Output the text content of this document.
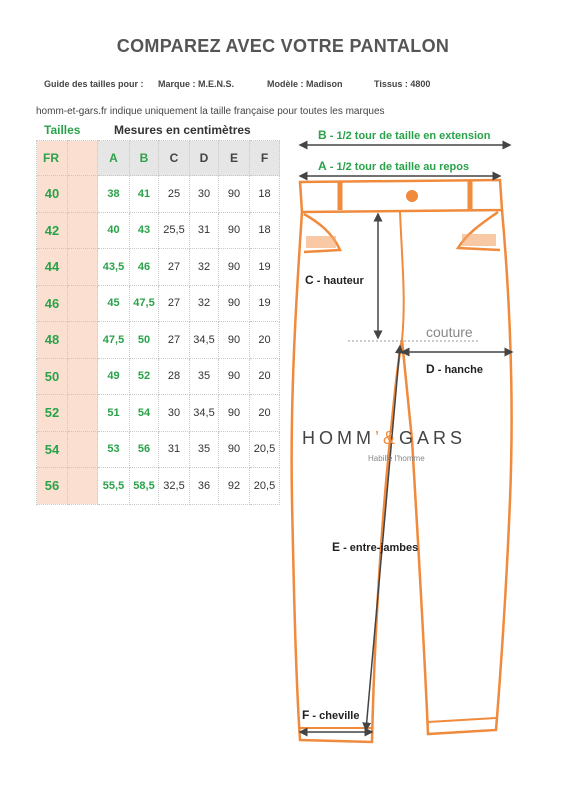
COMPAREZ AVEC VOTRE PANTALON
Guide des tailles pour : Marque : M.E.N.S.	Modèle : Madison	Tissus : 4800
homm-et-gars.fr indique uniquement la taille française pour toutes les marques
Tailles	Mesures en centimètres
FR		A	B	C	D	E	F
40		38	41	25	30	90	18
42		40	43	25,5	31	90	18
44		43,5	46	27	32	90	19
46		45	47,5	27	32	90	19
48		47,5	50	27	34,5	90	20
50		49	52	28	35	90	20
52		51	54	30	34,5	90	20
54		53	56	31	35	90	20,5
56		55,5	58,5	32,5	36	92	20,5
B - 1/2 tour de taille en extension
A - 1/2 tour de taille au repos
C - hauteur
couture
D - hanche
E - entre-jambes
F - cheville
HOMM’&GARS
Habille l'homme
